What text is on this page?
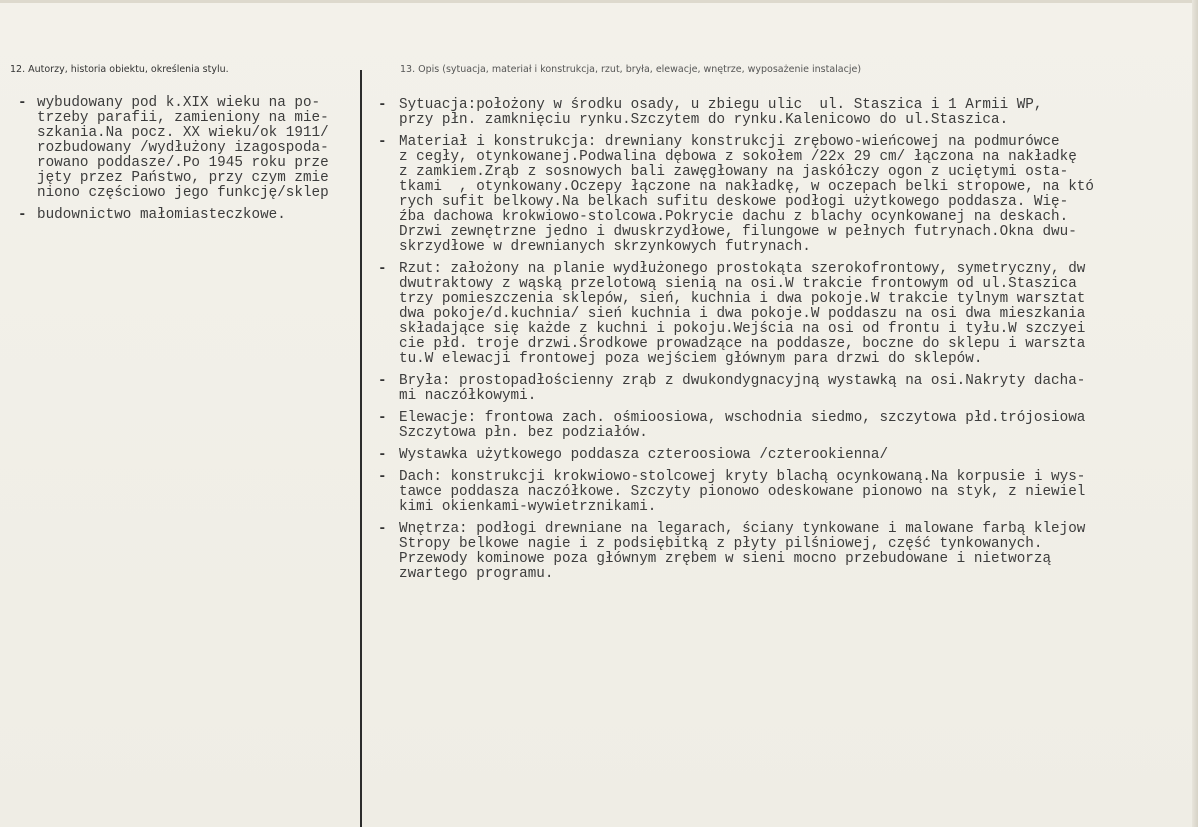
12. Autorzy, historia obiektu, określenia stylu.	13. Opis (sytuacja, materiał i konstrukcja, rzut, bryła, elewacje, wnętrze, wyposażenie instalacje)
- wybudowany pod k.XIX wieku na po-
trzeby parafii, zamieniony na mie-
szkania.Na pocz. XX wieku/ok 1911/
rozbudowany /wydłużony izagospoda-
rowano poddasze/.Po 1945 roku prze
jęty przez Państwo, przy czym zmie
niono częściowo jego funkcję/sklep
- budownictwo małomiasteczkowe.
- Sytuacja:położony w środku osady, u zbiegu ulic  ul. Staszica i 1 Armii WP,
przy płn. zamknięciu rynku.Szczytem do rynku.Kalenicowo do ul.Staszica.
- Materiał i konstrukcja: drewniany konstrukcji zrębowo-wieńcowej na podmurówce
z cegły, otynkowanej.Podwalina dębowa z sokołem /22x 29 cm/ łączona na nakładkę
z zamkiem.Zrąb z sosnowych bali zawęgłowany na jaskółczy ogon z uciętymi osta-
tkami  , otynkowany.Oczepy łączone na nakładkę, w oczepach belki stropowe, na któ
rych sufit belkowy.Na belkach sufitu deskowe podłogi użytkowego poddasza. Wię-
źba dachowa krokwiowo-stolcowa.Pokrycie dachu z blachy ocynkowanej na deskach.
Drzwi zewnętrzne jedno i dwuskrzydłowe, filungowe w pełnych futrynach.Okna dwu-
skrzydłowe w drewnianych skrzynkowych futrynach.
- Rzut: założony na planie wydłużonego prostokąta szerokofrontowy, symetryczny, dw
dwutraktowy z wąską przelotową sienią na osi.W trakcie frontowym od ul.Staszica
trzy pomieszczenia sklepów, sień, kuchnia i dwa pokoje.W trakcie tylnym warsztat
dwa pokoje/d.kuchnia/ sień kuchnia i dwa pokoje.W poddaszu na osi dwa mieszkania
składające się każde z kuchni i pokoju.Wejścia na osi od frontu i tyłu.W szczyei
cie płd. troje drzwi.Środkowe prowadzące na poddasze, boczne do sklepu i warszta
tu.W elewacji frontowej poza wejściem głównym para drzwi do sklepów.
- Bryła: prostopadłościenny zrąb z dwukondygnacyjną wystawką na osi.Nakryty dacha-
mi naczółkowymi.
- Elewacje: frontowa zach. ośmioosiowa, wschodnia siedmo, szczytowa płd.trójosiowa
Szczytowa płn. bez podziałów.
- Wystawka użytkowego poddasza czteroosiowa /czterookienna/
- Dach: konstrukcji krokwiowo-stolcowej kryty blachą ocynkowaną.Na korpusie i wys-
tawce poddasza naczółkowe. Szczyty pionowo odeskowane pionowo na styk, z niewiel
kimi okienkami-wywietrznikami.
- Wnętrza: podłogi drewniane na legarach, ściany tynkowane i malowane farbą klejow
Stropy belkowe nagie i z podsiębitką z płyty pilśniowej, część tynkowanych.
Przewody kominowe poza głównym zrębem w sieni mocno przebudowane i nietworzą
zwartego programu.
